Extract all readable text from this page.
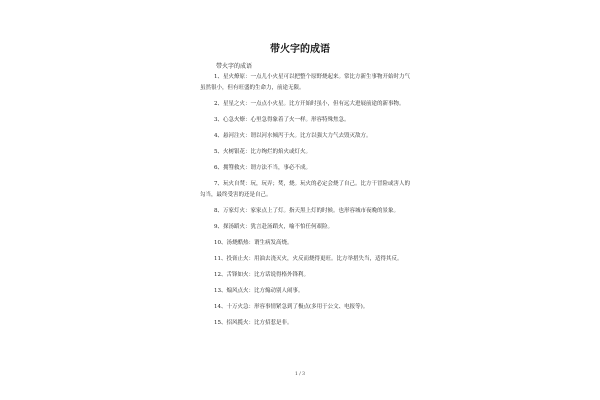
带火字的成语
带火字的成语

1、星火燎原：一点儿小火星可以把整个原野烧起来。常比方新生事物开始时力气虽然很小，但有旺盛的生命力，前途无限。

2、星星之火：一点点小火星。比方开始时虽小，但有远大进展前途的新事物。

3、心急火燎：心里急得象着了火一样。形容特殊焦急。

4、悬河注火：谓以河水倾泻于火。比方以强大力气去毁灭敌方。

5、火树银花：比方绚烂的焰火或灯火。

6、拥篲救火：谓方法不当，事必不成。

7、玩火自焚：玩，玩弄；焚，烧。玩火的必定会烧了自己。比方干冒险或害人的勾当，最终受害的还是自己。

8、万家灯火：家家点上了灯。指天黑上灯的时候。也形容城市夜晚的景象。

9、探汤蹈火：犹言赴汤蹈火，喻不怕任何艰险。

10、汤烧酷热：谓生病发高烧。

11、投膏止火：用油去浇灭火，火反而烧得更旺。比方举措失当，适得其反。

12、舌锋如火：比方话说得格外锋利。

13、煽风点火：比方煽动别人闹事。

14、十万火急：形容事情紧急到了极点(多用于公文、电报等)。

15、招风揽火：比方招惹是非。

1 / 3
